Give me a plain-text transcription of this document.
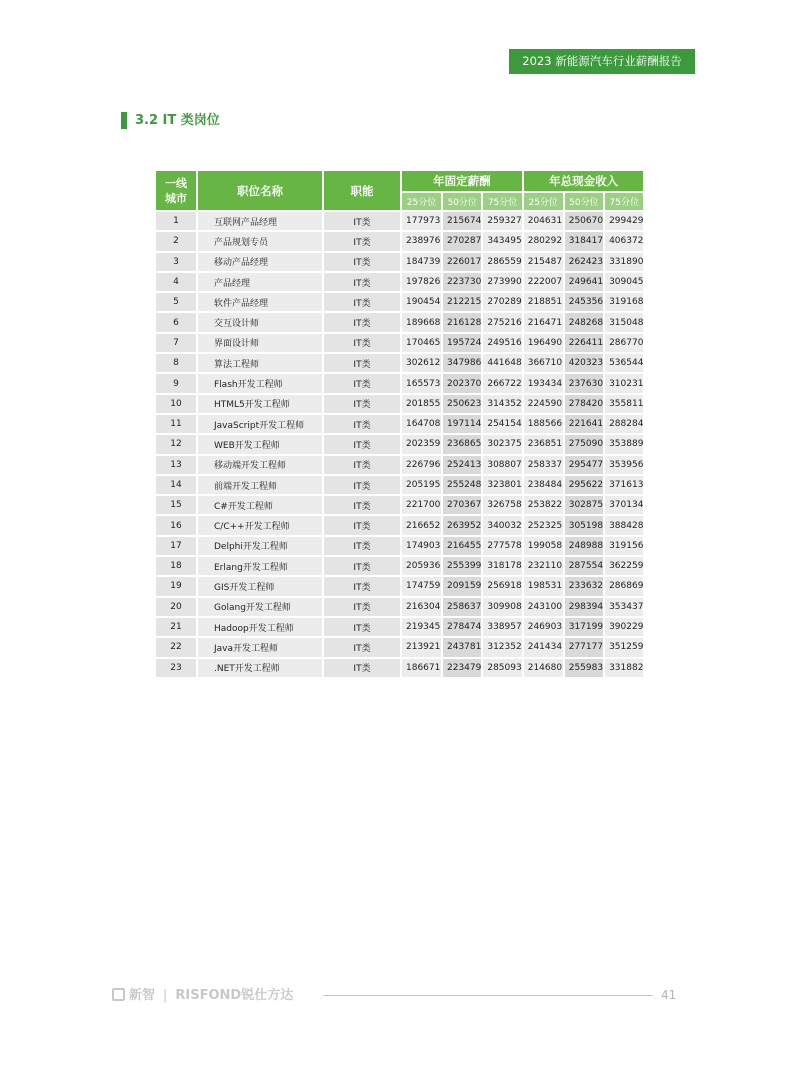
2023 新能源汽车行业薪酬报告
3.2 IT 类岗位
一线
城市	职位名称	职能	年固定薪酬			年总现金收入		
			25分位	50分位	75分位	25分位	50分位	75分位
1	互联网产品经理	IT类	177973	215674	259327	204631	250670	299429
2	产品规划专员	IT类	238976	270287	343495	280292	318417	406372
3	移动产品经理	IT类	184739	226017	286559	215487	262423	331890
4	产品经理	IT类	197826	223730	273990	222007	249641	309045
5	软件产品经理	IT类	190454	212215	270289	218851	245356	319168
6	交互设计师	IT类	189668	216128	275216	216471	248268	315048
7	界面设计师	IT类	170465	195724	249516	196490	226411	286770
8	算法工程师	IT类	302612	347986	441648	366710	420323	536544
9	Flash开发工程师	IT类	165573	202370	266722	193434	237630	310231
10	HTML5开发工程师	IT类	201855	250623	314352	224590	278420	355811
11	JavaScript开发工程师	IT类	164708	197114	254154	188566	221641	288284
12	WEB开发工程师	IT类	202359	236865	302375	236851	275090	353889
13	移动端开发工程师	IT类	226796	252413	308807	258337	295477	353956
14	前端开发工程师	IT类	205195	255248	323801	238484	295622	371613
15	C#开发工程师	IT类	221700	270367	326758	253822	302875	370134
16	C/C++开发工程师	IT类	216652	263952	340032	252325	305198	388428
17	Delphi开发工程师	IT类	174903	216455	277578	199058	248988	319156
18	Erlang开发工程师	IT类	205936	255399	318178	232110	287554	362259
19	GIS开发工程师	IT类	174759	209159	256918	198531	233632	286869
20	Golang开发工程师	IT类	216304	258637	309908	243100	298394	353437
21	Hadoop开发工程师	IT类	219345	278474	338957	246903	317199	390229
22	Java开发工程师	IT类	213921	243781	312352	241434	277177	351259
23	.NET开发工程师	IT类	186671	223479	285093	214680	255983	331882
新智 | RISFOND锐仕方达	41
